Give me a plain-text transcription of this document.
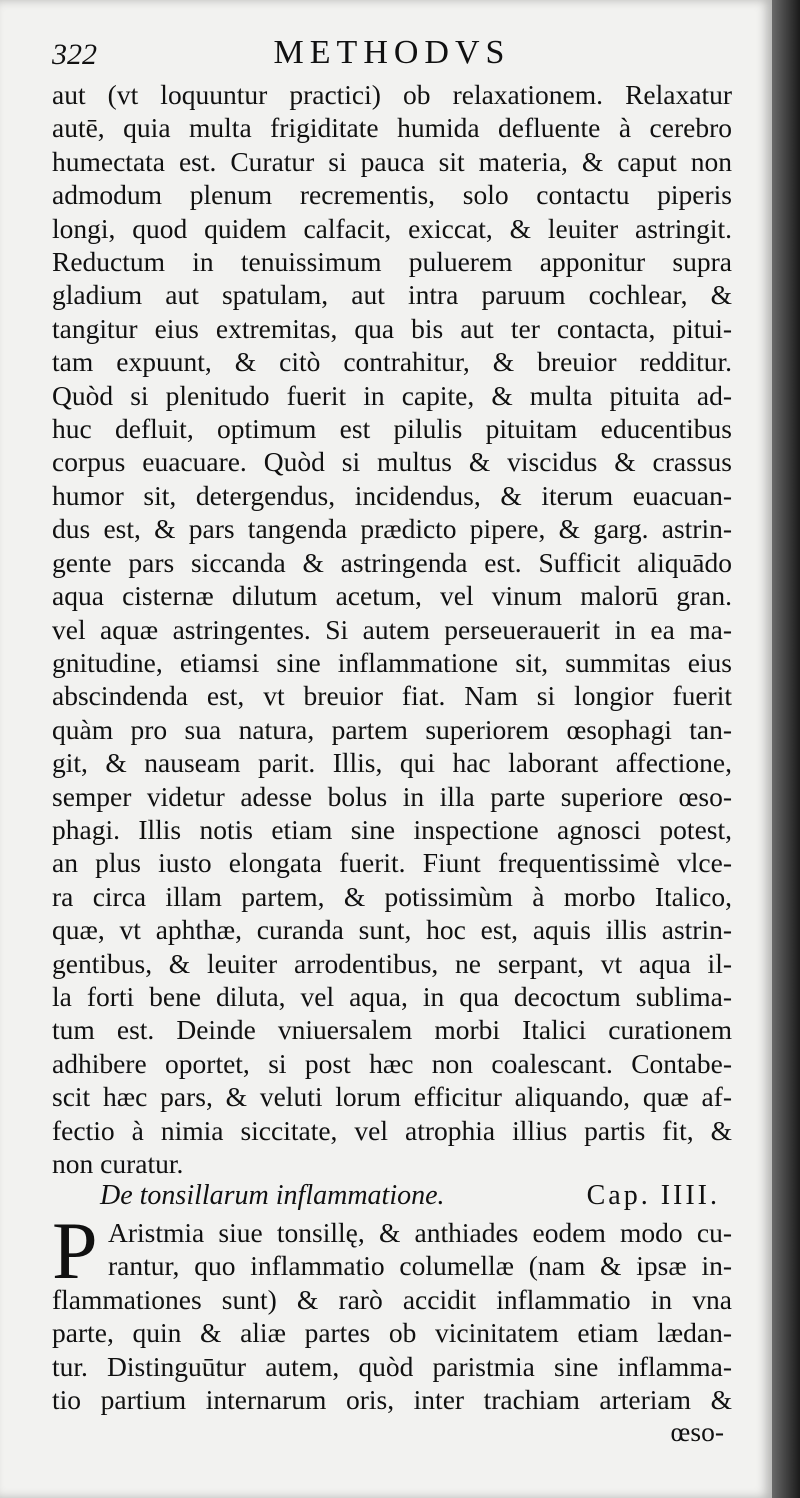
322	METHODVS
aut (vt loquuntur practici) ob relaxationem. Relaxatur
autē, quia multa frigiditate humida defluente à cerebro
humectata est. Curatur si pauca sit materia, & caput non
admodum plenum recrementis, solo contactu piperis
longi, quod quidem calfacit, exiccat, & leuiter astringit.
Reductum in tenuissimum puluerem apponitur supra
gladium aut spatulam, aut intra paruum cochlear, &
tangitur eius extremitas, qua bis aut ter contacta, pitui-
tam expuunt, & citò contrahitur, & breuior redditur.
Quòd si plenitudo fuerit in capite, & multa pituita ad-
huc defluit, optimum est pilulis pituitam educentibus
corpus euacuare. Quòd si multus & viscidus & crassus
humor sit, detergendus, incidendus, & iterum euacuan-
dus est, & pars tangenda prædicto pipere, & garg. astrin-
gente pars siccanda & astringenda est. Sufficit aliquādo
aqua cisternæ dilutum acetum, vel vinum malorū gran.
vel aquæ astringentes. Si autem perseuerauerit in ea ma-
gnitudine, etiamsi sine inflammatione sit, summitas eius
abscindenda est, vt breuior fiat. Nam si longior fuerit
quàm pro sua natura, partem superiorem œsophagi tan-
git, & nauseam parit. Illis, qui hac laborant affectione,
semper videtur adesse bolus in illa parte superiore œso-
phagi. Illis notis etiam sine inspectione agnosci potest,
an plus iusto elongata fuerit. Fiunt frequentissimè vlce-
ra circa illam partem, & potissimùm à morbo Italico,
quæ, vt aphthæ, curanda sunt, hoc est, aquis illis astrin-
gentibus, & leuiter arrodentibus, ne serpant, vt aqua il-
la forti bene diluta, vel aqua, in qua decoctum sublima-
tum est. Deinde vniuersalem morbi Italici curationem
adhibere oportet, si post hæc non coalescant. Contabe-
scit hæc pars, & veluti lorum efficitur aliquando, quæ af-
fectio à nimia siccitate, vel atrophia illius partis fit, &
non curatur.
De tonsillarum inflammatione.	Cap. IIII.
P Aristmia siue tonsillę, & anthiades eodem modo cu-
rantur, quo inflammatio columellæ (nam & ipsæ in-
flammationes sunt) & rarò accidit inflammatio in vna
parte, quin & aliæ partes ob vicinitatem etiam lædan-
tur. Distinguūtur autem, quòd paristmia sine inflamma-
tio partium internarum oris, inter trachiam arteriam &
œso-
